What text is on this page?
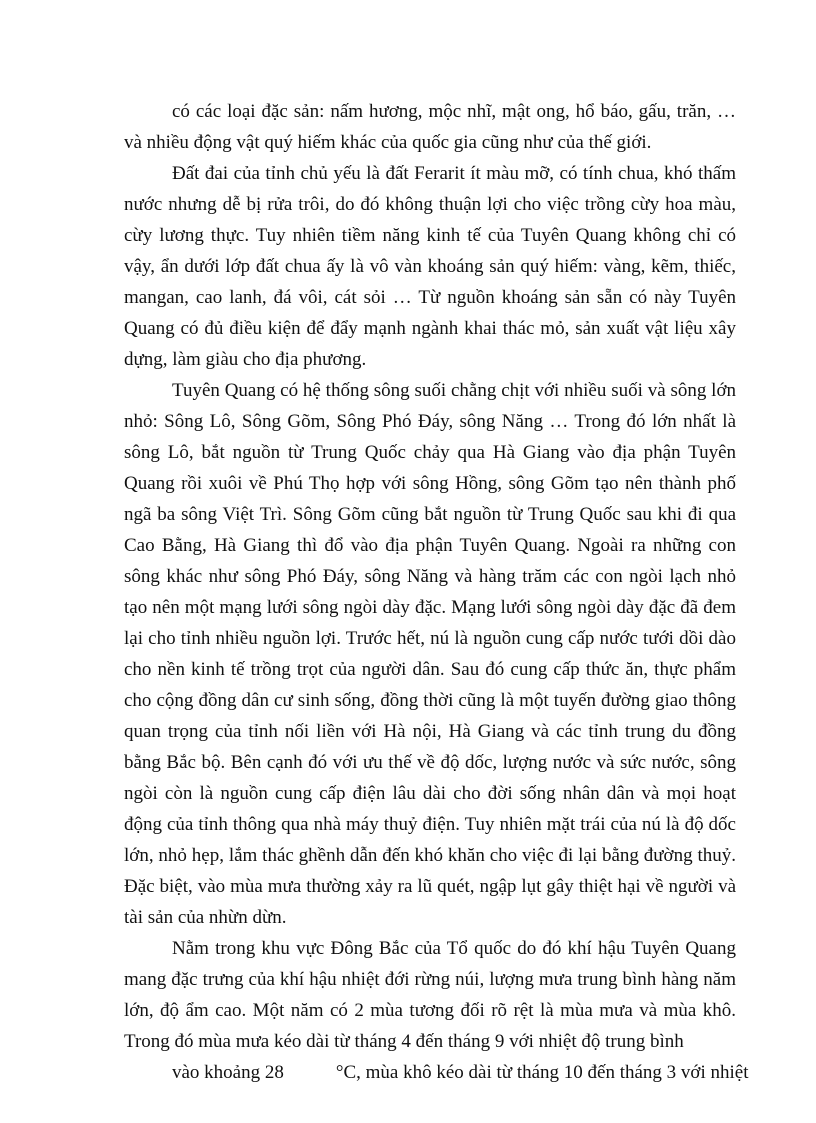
có các loại đặc sản: nấm hương, mộc nhĩ, mật ong, hổ báo, gấu, trăn, … và nhiều động vật quý hiếm khác của quốc gia cũng như của thế giới.

Đất đai của tỉnh chủ yếu là đất Ferarit ít màu mỡ, có tính chua, khó thấm nước nhưng dễ bị rửa trôi, do đó không thuận lợi cho việc trồng cừy hoa màu, cừy lương thực. Tuy nhiên tiềm năng kinh tế của Tuyên Quang không chỉ có vậy, ẩn dưới lớp đất chua ấy là vô vàn khoáng sản quý hiếm: vàng, kẽm, thiếc, mangan, cao lanh, đá vôi, cát sỏi … Từ nguồn khoáng sản sẵn có này Tuyên Quang có đủ điều kiện để đẩy mạnh ngành khai thác mỏ, sản xuất vật liệu xây dựng, làm giàu cho địa phương.

Tuyên Quang có hệ thống sông suối chằng chịt với nhiều suối và sông lớn nhỏ: Sông Lô, Sông Gõm, Sông Phó Đáy, sông Năng … Trong đó lớn nhất là sông Lô, bắt nguồn từ Trung Quốc chảy qua Hà Giang vào địa phận Tuyên Quang rồi xuôi về Phú Thọ hợp với sông Hồng, sông Gõm tạo nên thành phố ngã ba sông Việt Trì. Sông Gõm cũng bắt nguồn từ Trung Quốc sau khi đi qua Cao Bằng, Hà Giang thì đổ vào địa phận Tuyên Quang. Ngoài ra những con sông khác như sông Phó Đáy, sông Năng và hàng trăm các con ngòi lạch nhỏ tạo nên một mạng lưới sông ngòi dày đặc. Mạng lưới sông ngòi dày đặc đã đem lại cho tỉnh nhiều nguồn lợi. Trước hết, nú là nguồn cung cấp nước tưới dồi dào cho nền kinh tế trồng trọt của người dân. Sau đó cung cấp thức ăn, thực phẩm cho cộng đồng dân cư sinh sống, đồng thời cũng là một tuyến đường giao thông quan trọng của tỉnh nối liền với Hà nội, Hà Giang và các tỉnh trung du đồng bằng Bắc bộ. Bên cạnh đó với ưu thế về độ dốc, lượng nước và sức nước, sông ngòi còn là nguồn cung cấp điện lâu dài cho đời sống nhân dân và mọi hoạt động của tỉnh thông qua nhà máy thuỷ điện. Tuy nhiên mặt trái của nú là độ dốc lớn, nhỏ hẹp, lắm thác ghềnh dẫn đến khó khăn cho việc đi lại bằng đường thuỷ. Đặc biệt, vào mùa mưa thường xảy ra lũ quét, ngập lụt gây thiệt hại về người và tài sản của nhừn dừn.

Nằm trong khu vực Đông Bắc của Tổ quốc do đó khí hậu Tuyên Quang mang đặc trưng của khí hậu nhiệt đới rừng núi, lượng mưa trung bình hàng năm lớn, độ ẩm cao. Một năm có 2 mùa tương đối rõ rệt là mùa mưa và mùa khô. Trong đó mùa mưa kéo dài từ tháng 4 đến tháng 9 với nhiệt độ trung bình

vào khoảng 28	°C, mùa khô kéo dài từ tháng 10 đến tháng 3 với nhiệt
